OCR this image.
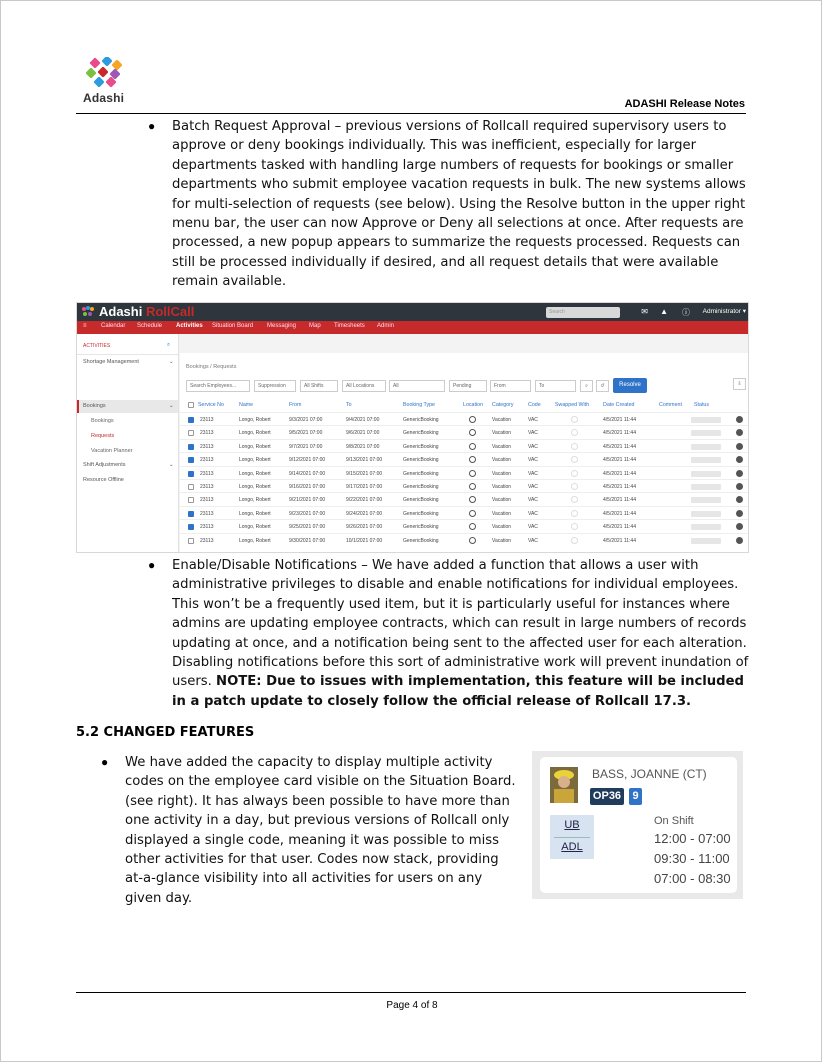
Adashi	ADASHI Release Notes
● Batch Request Approval – previous versions of Rollcall required supervisory users to approve or deny bookings individually. This was inefficient, especially for larger departments tasked with handling large numbers of requests for bookings or smaller departments who submit employee vacation requests in bulk. The new systems allows for multi-selection of requests (see below). Using the Resolve button in the upper right menu bar, the user can now Approve or Deny all selections at once. After requests are processed, a new popup appears to summarize the requests processed. Requests can still be processed individually if desired, and all request details that were available remain available.
Adashi RollCall	Search	✉ ▲ ⓘ Administrator ▾
≡ Calendar Schedule Activities Situation Board Messaging Map Timesheets Admin
ACTIVITIES	⌕
Shortage Management	⌄
Bookings	⌄
Bookings
Requests
Vacation Planner
Shift Adjustments	⌄
Resource Offline
Bookings / Requests
Search Employees...	Suppression	All Shifts	All Locations	All	Pending	From	To	⌕	↺	Resolve	⇩
Service No	Name	From	To	Booking Type	Location Category	Code	Swapped With	Date Created	Comment Status
23113	Longo, Robert	9/3/2021 07:00	9/4/2021 07:00	GenericBooking	Vacation	VAC	4/5/2021 11:44
23113	Longo, Robert	9/5/2021 07:00	9/6/2021 07:00	GenericBooking	Vacation	VAC	4/5/2021 11:44
23113	Longo, Robert	9/7/2021 07:00	9/8/2021 07:00	GenericBooking	Vacation	VAC	4/5/2021 11:44
23113	Longo, Robert	9/12/2021 07:00	9/13/2021 07:00	GenericBooking	Vacation	VAC	4/5/2021 11:44
23113	Longo, Robert	9/14/2021 07:00	9/15/2021 07:00	GenericBooking	Vacation	VAC	4/5/2021 11:44
23113	Longo, Robert	9/16/2021 07:00	9/17/2021 07:00	GenericBooking	Vacation	VAC	4/5/2021 11:44
23113	Longo, Robert	9/21/2021 07:00	9/22/2021 07:00	GenericBooking	Vacation	VAC	4/5/2021 11:44
23113	Longo, Robert	9/23/2021 07:00	9/24/2021 07:00	GenericBooking	Vacation	VAC	4/5/2021 11:44
23113	Longo, Robert	9/25/2021 07:00	9/26/2021 07:00	GenericBooking	Vacation	VAC	4/5/2021 11:44
23113	Longo, Robert	9/30/2021 07:00	10/1/2021 07:00	GenericBooking	Vacation	VAC	4/5/2021 11:44
● Enable/Disable Notifications – We have added a function that allows a user with administrative privileges to disable and enable notifications for individual employees. This won’t be a frequently used item, but it is particularly useful for instances where admins are updating employee contracts, which can result in large numbers of records updating at once, and a notification being sent to the affected user for each alteration. Disabling notifications before this sort of administrative work will prevent inundation of users. NOTE: Due to issues with implementation, this feature will be included in a patch update to closely follow the official release of Rollcall 17.3.
5.2 CHANGED FEATURES
● We have added the capacity to display multiple activity codes on the employee card visible on the Situation Board. (see right). It has always been possible to have more than one activity in a day, but previous versions of Rollcall only displayed a single code, meaning it was possible to miss other activities for that user. Codes now stack, providing at-a-glance visibility into all activities for users on any given day.
BASS, JOANNE (CT)
OP36	9
UB
ADL
On Shift
12:00 - 07:00
09:30 - 11:00
07:00 - 08:30
Page 4 of 8
